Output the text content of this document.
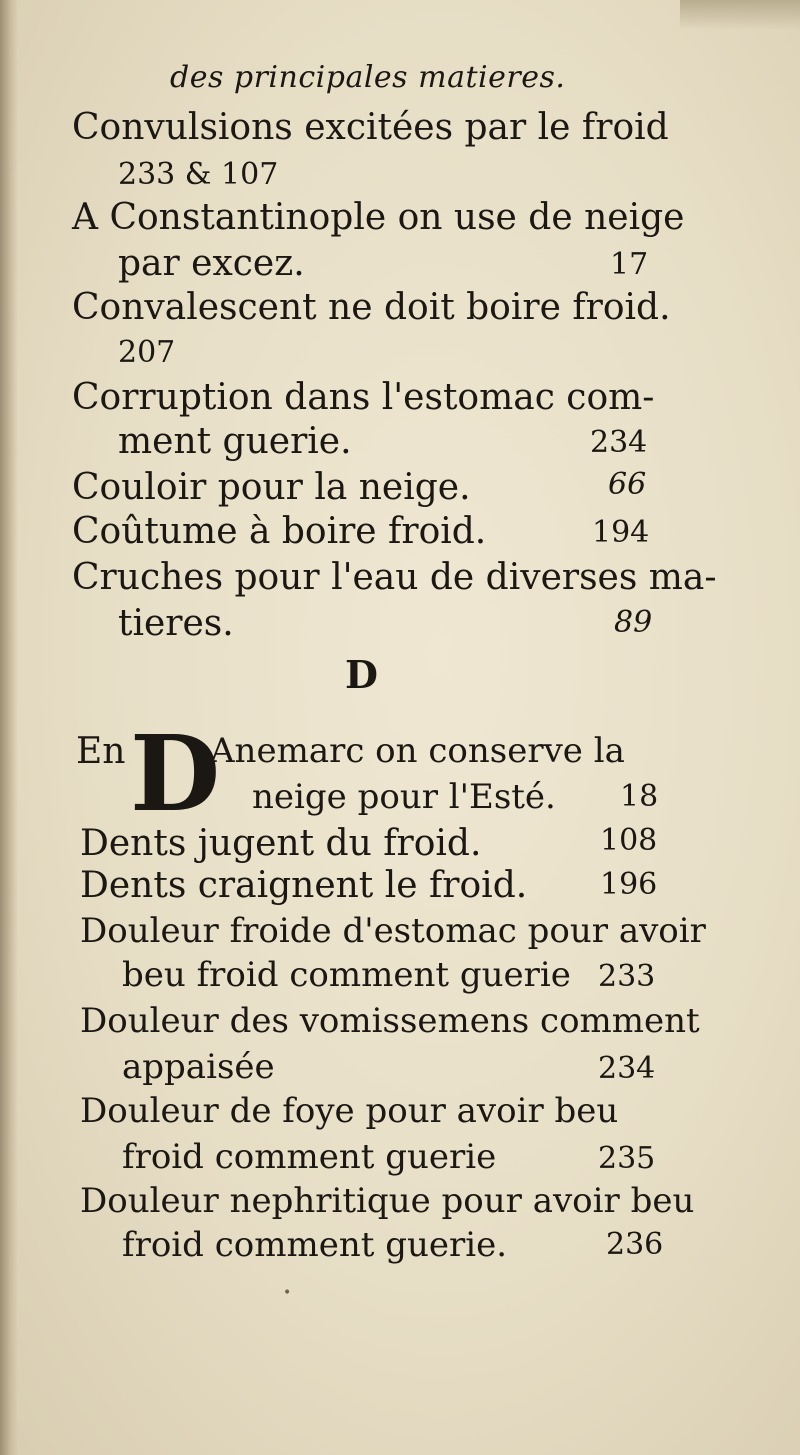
des principales matieres.
Convulsions excitées par le froid
233 & 107
A Constantinople on use de neige
par excez.	17
Convalescent ne doit boire froid.
207
Corruption dans l'estomac com-
ment guerie.	234
Couloir pour la neige.	66
Coûtume à boire froid.	194
Cruches pour l'eau de diverses ma-
tieres.	89
D
En D
Anemarc on conserve la
neige pour l'Esté. 18
Dents jugent du froid.	108
Dents craignent le froid. 196
Douleur froide d'estomac pour avoir
beu froid comment guerie 233
Douleur des vomissemens comment
appaisée	234
Douleur de foye pour avoir beu
froid comment guerie	235
Douleur nephritique pour avoir beu
froid comment guerie.	236
•
